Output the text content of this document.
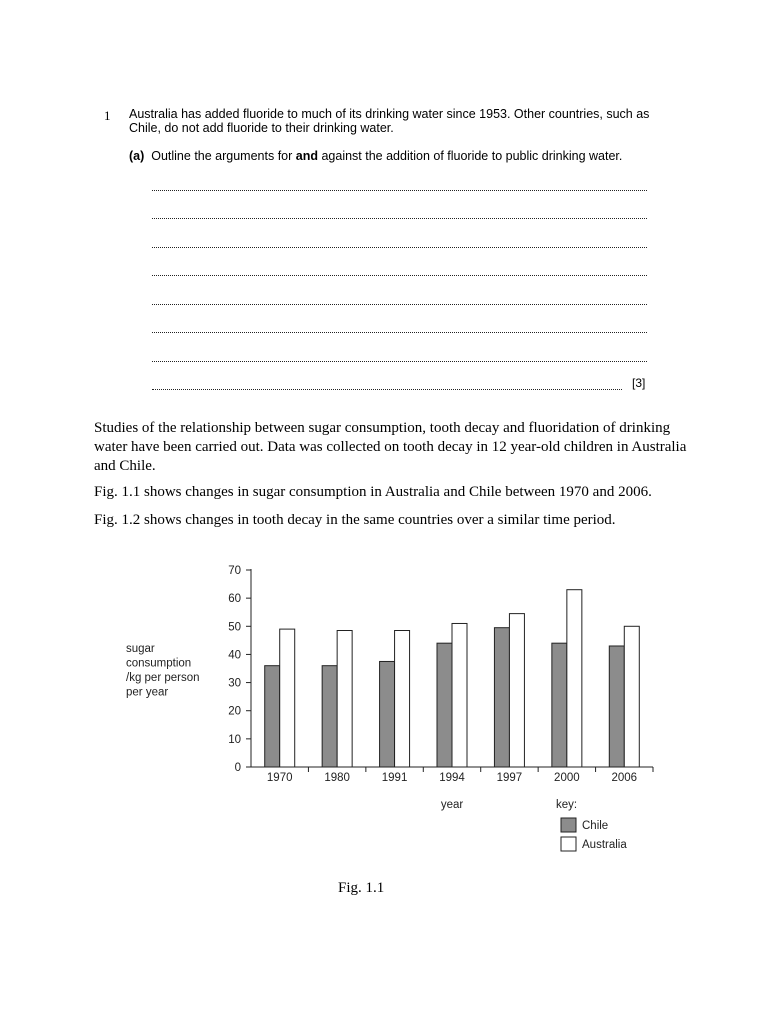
1 Australia has added fluoride to much of its drinking water since 1953. Other countries, such as Chile, do not add fluoride to their drinking water.
(a) Outline the arguments for and against the addition of fluoride to public drinking water.
[3]
Studies of the relationship between sugar consumption, tooth decay and fluoridation of drinking water have been carried out. Data was collected on tooth decay in 12 year-old children in Australia and Chile.
Fig. 1.1 shows changes in sugar consumption in Australia and Chile between 1970 and 2006.
Fig. 1.2 shows changes in tooth decay in the same countries over a similar time period.
sugar
consumption
/kg per person
per year
0
10
20
30
40
50
60
70
1970	1980	1991	1994	1997	2000	2006
year	key:
Chile
Australia
Fig. 1.1
